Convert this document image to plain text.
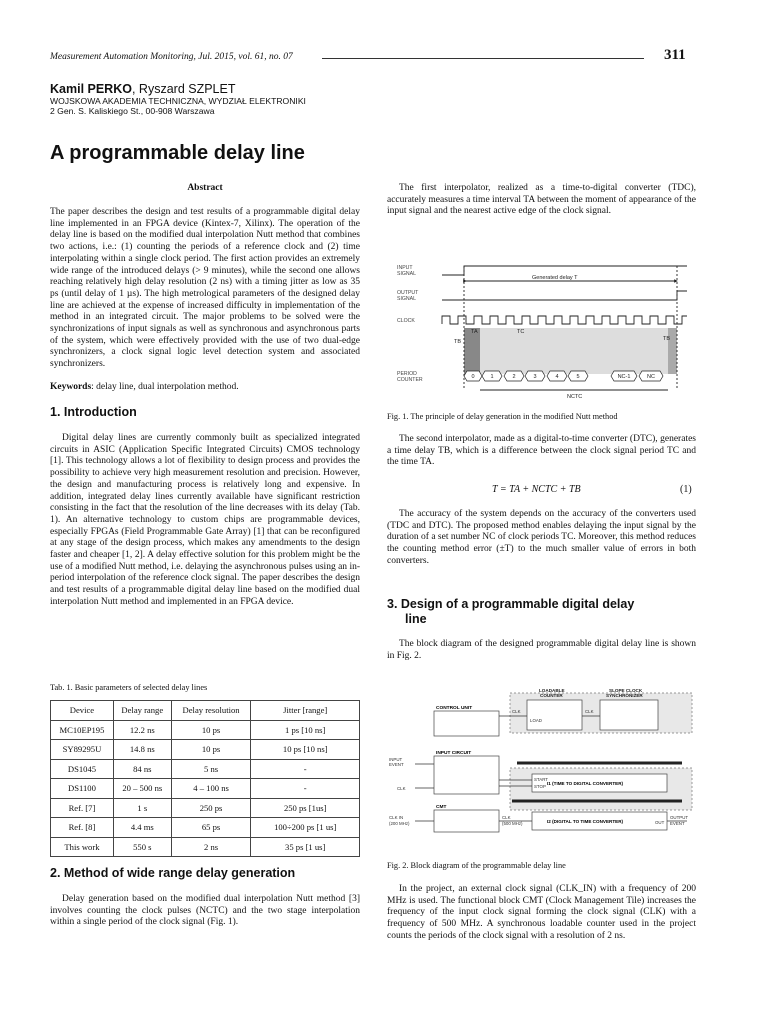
Measurement Automation Monitoring, Jul. 2015, vol. 61, no. 07	311
Kamil PERKO, Ryszard SZPLET
WOJSKOWA AKADEMIA TECHNICZNA, WYDZIAŁ ELEKTRONIKI
2 Gen. S. Kaliskiego St., 00-908 Warszawa
A programmable delay line
Abstract
The paper describes the design and test results of a programmable digital delay line implemented in an FPGA device (Kintex-7, Xilinx). The operation of the delay line is based on the modified dual interpolation Nutt method that combines two actions, i.e.: (1) counting the periods of a reference clock and (2) time interpolating within a single clock period. The first action provides an extremely wide range of the introduced delays (> 9 minutes), while the second one allows reaching relatively high delay resolution (2 ns) with a timing jitter as low as 35 ps (until delay of 1 µs). The high metrological parameters of the designed delay line are achieved at the expense of increased difficulty in implementation of the method in an integrated circuit. The major problems to be solved were the synchronizations of input signals as well as synchronous and asynchronous parts of the system, which were effectively provided with the use of two dual-edge synchronizers, a clock signal logic level detection system and associated synchronizers.
Keywords: delay line, dual interpolation method.
1. Introduction
Digital delay lines are currently commonly built as specialized integrated circuits in ASIC (Application Specific Integrated Circuits) CMOS technology [1]. This technology allows a lot of flexibility to design process and provides the possibility to achieve very high measurement resolution and precision. However, the design and manufacturing process is relatively long and expensive. In addition, integrated delay lines currently available have significant restriction consisting in the fact that the resolution of the line decreases with its delay (Tab. 1). An alternative technology to custom chips are programmable devices, especially FPGAs (Field Programmable Gate Array) [1] that can be reconfigured at any stage of the design process, which makes any amendments to the design faster and cheaper [1, 2]. A delay effective solution for this problem might be the use of a modified Nutt method, i.e. delaying the asynchronous pulses using an in-period interpolation of the reference clock signal. The paper describes the design and test results of a programmable digital delay line based on the modified dual interpolation Nutt method and implemented in an FPGA device.
Tab. 1. Basic parameters of selected delay lines
Device	Delay range	Delay resolution	Jitter [range]
MC10EP195	12.2 ns	10 ps	1 ps [10 ns]
SY89295U	14.8 ns	10 ps	10 ps [10 ns]
DS1045	84 ns	5 ns	-
DS1100	20 – 500 ns	4 – 100 ns	-
Ref. [7]	1 s	250 ps	250 ps [1us]
Ref. [8]	4.4 ms	65 ps	100÷200 ps [1 us]
This work	550 s	2 ns	35 ps [1 us]
2. Method of wide range delay generation
Delay generation based on the modified dual interpolation Nutt method [3] involves counting the clock pulses (NCTC) and the two stage interpolation within a single period of the clock signal (Fig. 1).
The first interpolator, realized as a time-to-digital converter (TDC), accurately measures a time interval TA between the moment of appearance of the input signal and the nearest active edge of the clock signal.
INPUT
SIGNAL
OUTPUT
SIGNAL
CLOCK
PERIOD
COUNTER
Generated delay T
TA
TB
TC
TB
NCTC
0	1	2	3	4	5	NC-1	NC
Fig. 1. The principle of delay generation in the modified Nutt method
The second interpolator, made as a digital-to-time converter (DTC), generates a time delay TB, which is a difference between the clock signal period TC and the time TA.
T = TA + NCTC + TB	(1)
The accuracy of the system depends on the accuracy of the converters used (TDC and DTC). The proposed method enables delaying the input signal by the duration of a set number NC of clock periods TC. Moreover, this method reduces the counting method error (±T) to the much smaller value of errors in both converters.
3. Design of a programmable digital delay
line
The block diagram of the designed programmable digital delay line is shown in Fig. 2.
LOADABLE
COUNTER
SLOPE CLOCK
SYNCHRONIZER
CONTROL UNIT
INPUT CIRCUIT
I1 (TIME TO DIGITAL CONVERTER)
CMT
I2 (DIGITAL TO TIME CONVERTER)
INPUT
EVENT
CLK
CLK IN
(200 MHz)
CLK
(500 MHz)
OUTPUT
EVENT
CLK	CLK
LOAD
START
STOP
OUT
Fig. 2. Block diagram of the programmable delay line
In the project, an external clock signal (CLK_IN) with a frequency of 200 MHz is used. The functional block CMT (Clock Management Tile) increases the frequency of the input clock signal forming the clock signal (CLK) with a frequency of 500 MHz. A synchronous loadable counter used in the project counts the periods of the clock signal with a resolution of 2 ns.
